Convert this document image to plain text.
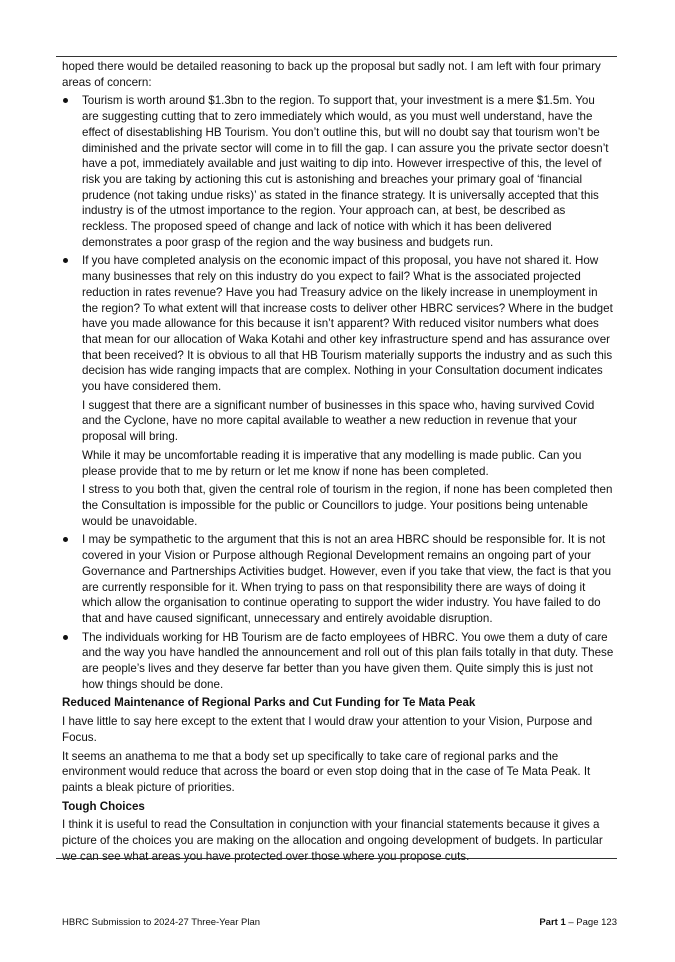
hoped there would be detailed reasoning to back up the proposal but sadly not. I am left with four primary areas of concern:

Tourism is worth around $1.3bn to the region. To support that, your investment is a mere $1.5m. You are suggesting cutting that to zero immediately which would, as you must well understand, have the effect of disestablishing HB Tourism. You don’t outline this, but will no doubt say that tourism won’t be diminished and the private sector will come in to fill the gap. I can assure you the private sector doesn’t have a pot, immediately available and just waiting to dip into. However irrespective of this, the level of risk you are taking by actioning this cut is astonishing and breaches your primary goal of ‘financial prudence (not taking undue risks)’ as stated in the finance strategy. It is universally accepted that this industry is of the utmost importance to the region. Your approach can, at best, be described as reckless. The proposed speed of change and lack of notice with which it has been delivered demonstrates a poor grasp of the region and the way business and budgets run.

If you have completed analysis on the economic impact of this proposal, you have not shared it. How many businesses that rely on this industry do you expect to fail? What is the associated projected reduction in rates revenue? Have you had Treasury advice on the likely increase in unemployment in the region? To what extent will that increase costs to deliver other HBRC services? Where in the budget have you made allowance for this because it isn’t apparent? With reduced visitor numbers what does that mean for our allocation of Waka Kotahi and other key infrastructure spend and has assurance over that been received? It is obvious to all that HB Tourism materially supports the industry and as such this decision has wide ranging impacts that are complex. Nothing in your Consultation document indicates you have considered them.

I suggest that there are a significant number of businesses in this space who, having survived Covid and the Cyclone, have no more capital available to weather a new reduction in revenue that your proposal will bring.

While it may be uncomfortable reading it is imperative that any modelling is made public. Can you please provide that to me by return or let me know if none has been completed.

I stress to you both that, given the central role of tourism in the region, if none has been completed then the Consultation is impossible for the public or Councillors to judge. Your positions being untenable would be unavoidable.

I may be sympathetic to the argument that this is not an area HBRC should be responsible for. It is not covered in your Vision or Purpose although Regional Development remains an ongoing part of your Governance and Partnerships Activities budget. However, even if you take that view, the fact is that you are currently responsible for it. When trying to pass on that responsibility there are ways of doing it which allow the organisation to continue operating to support the wider industry. You have failed to do that and have caused significant, unnecessary and entirely avoidable disruption.

The individuals working for HB Tourism are de facto employees of HBRC. You owe them a duty of care and the way you have handled the announcement and roll out of this plan fails totally in that duty. These are people’s lives and they deserve far better than you have given them. Quite simply this is just not how things should be done.

Reduced Maintenance of Regional Parks and Cut Funding for Te Mata Peak

I have little to say here except to the extent that I would draw your attention to your Vision, Purpose and Focus.

It seems an anathema to me that a body set up specifically to take care of regional parks and the environment would reduce that across the board or even stop doing that in the case of Te Mata Peak. It paints a bleak picture of priorities.

Tough Choices

I think it is useful to read the Consultation in conjunction with your financial statements because it gives a picture of the choices you are making on the allocation and ongoing development of budgets. In particular we can see what areas you have protected over those where you propose cuts.

HBRC Submission to 2024-27 Three-Year Plan	Part 1 – Page 123
